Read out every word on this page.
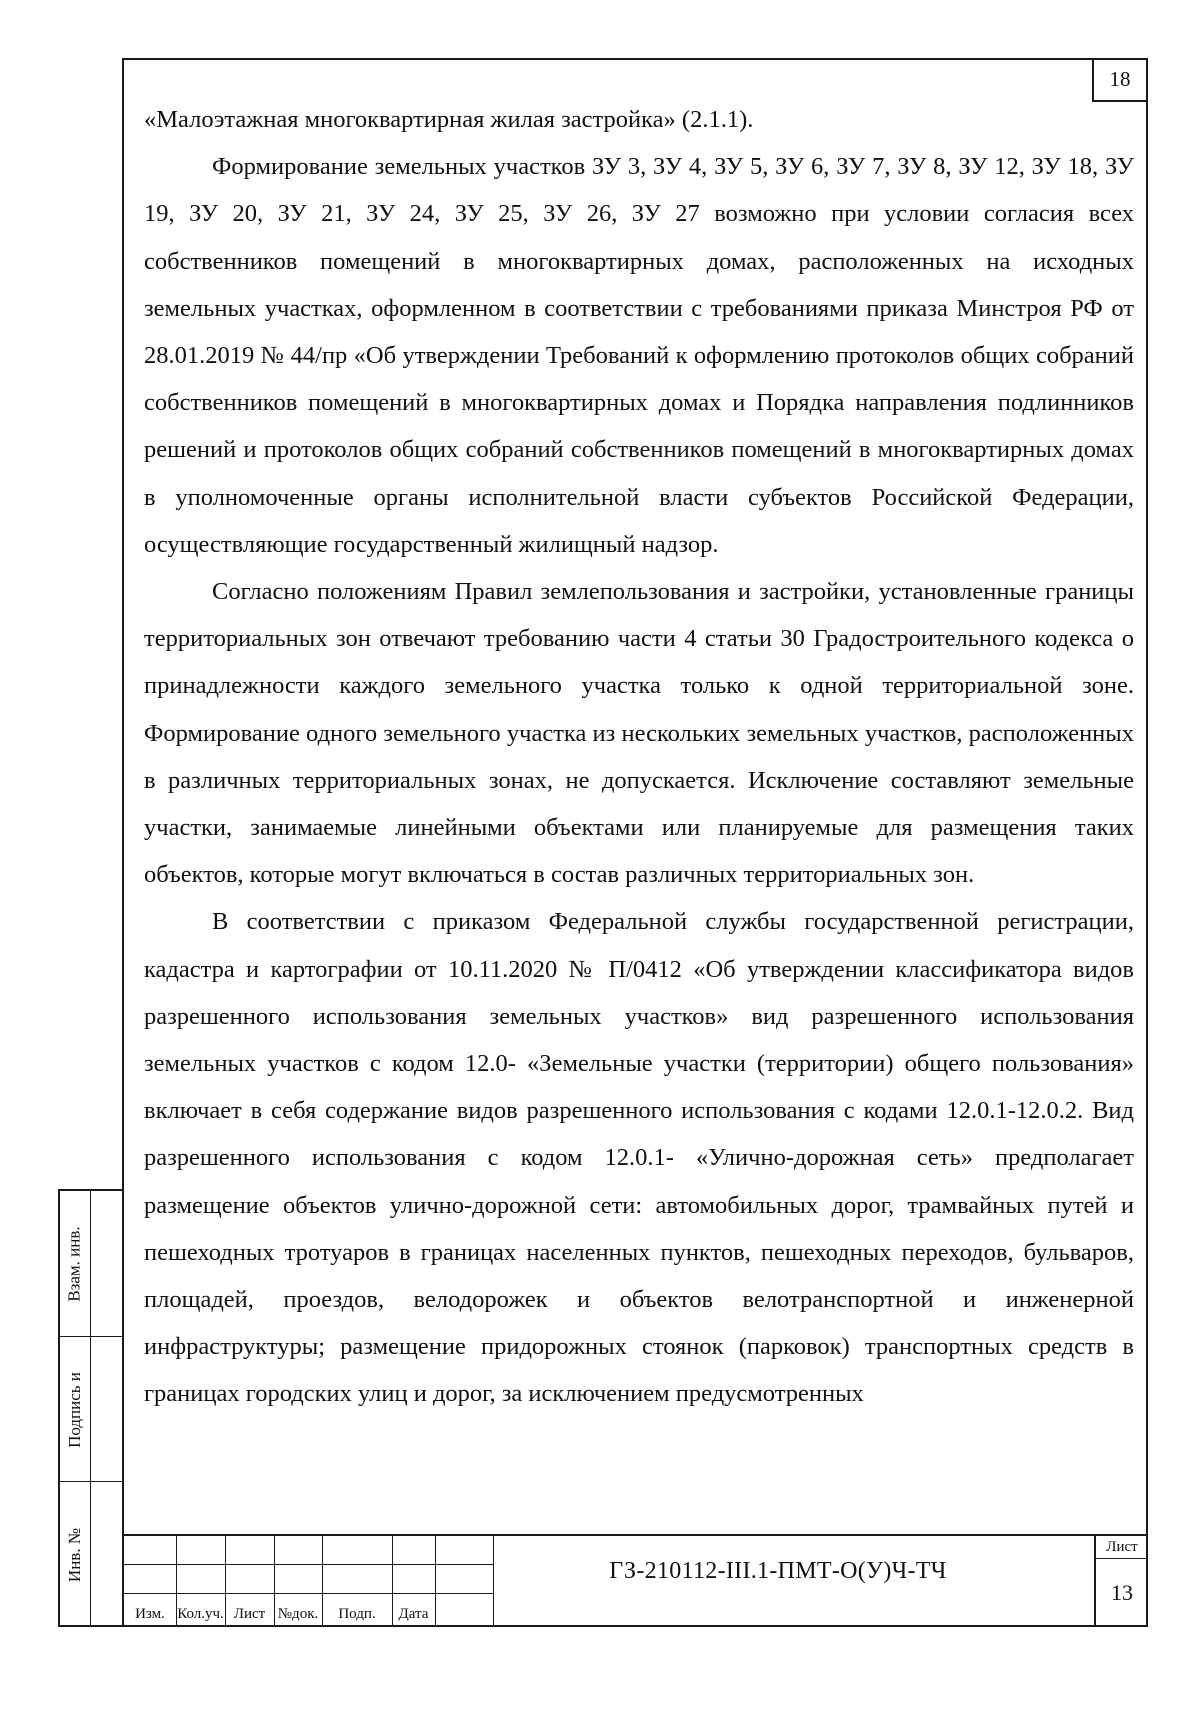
18

«Малоэтажная многоквартирная жилая застройка» (2.1.1).

Формирование земельных участков ЗУ 3, ЗУ 4, ЗУ 5, ЗУ 6, ЗУ 7, ЗУ 8, ЗУ 12, ЗУ 18, ЗУ 19, ЗУ 20, ЗУ 21, ЗУ 24, ЗУ 25, ЗУ 26, ЗУ 27 возможно при условии согласия всех собственников помещений в многоквартирных домах, расположенных на исходных земельных участках, оформленном в соответствии с требованиями приказа Минстроя РФ от 28.01.2019 № 44/пр «Об утверждении Требований к оформлению протоколов общих собраний собственников помещений в многоквартирных домах и Порядка направления подлинников решений и протоколов общих собраний собственников помещений в многоквартирных домах в уполномоченные органы исполнительной власти субъектов Российской Федерации, осуществляющие государственный жилищный надзор.

Согласно положениям Правил землепользования и застройки, установленные границы территориальных зон отвечают требованию части 4 статьи 30 Градостроительного кодекса о принадлежности каждого земельного участка только к одной территориальной зоне. Формирование одного земельного участка из нескольких земельных участков, расположенных в различных территориальных зонах, не допускается. Исключение составляют земельные участки, занимаемые линейными объектами или планируемые для размещения таких объектов, которые могут включаться в состав различных территориальных зон.

В соответствии с приказом Федеральной службы государственной регистрации, кадастра и картографии от 10.11.2020 № П/0412 «Об утверждении классификатора видов разрешенного использования земельных участков» вид разрешенного использования земельных участков с кодом 12.0- «Земельные участки (территории) общего пользования» включает в себя содержание видов разрешенного использования с кодами 12.0.1-12.0.2. Вид разрешенного использования с кодом 12.0.1- «Улично-дорожная сеть» предполагает размещение объектов улично-дорожной сети: автомобильных дорог, трамвайных путей и пешеходных тротуаров в границах населенных пунктов, пешеходных переходов, бульваров, площадей, проездов, велодорожек и объектов велотранспортной и инженерной инфраструктуры; размещение придорожных стоянок (парковок) транспортных средств в границах городских улиц и дорог, за исключением предусмотренных

Изм. Кол.уч. Лист №док.	Подп.	Дата
ГЗ-210112-III.1-ПМТ-О(У)Ч-ТЧ
Лист
13
Взам. инв.
Подпись и
Инв. №
